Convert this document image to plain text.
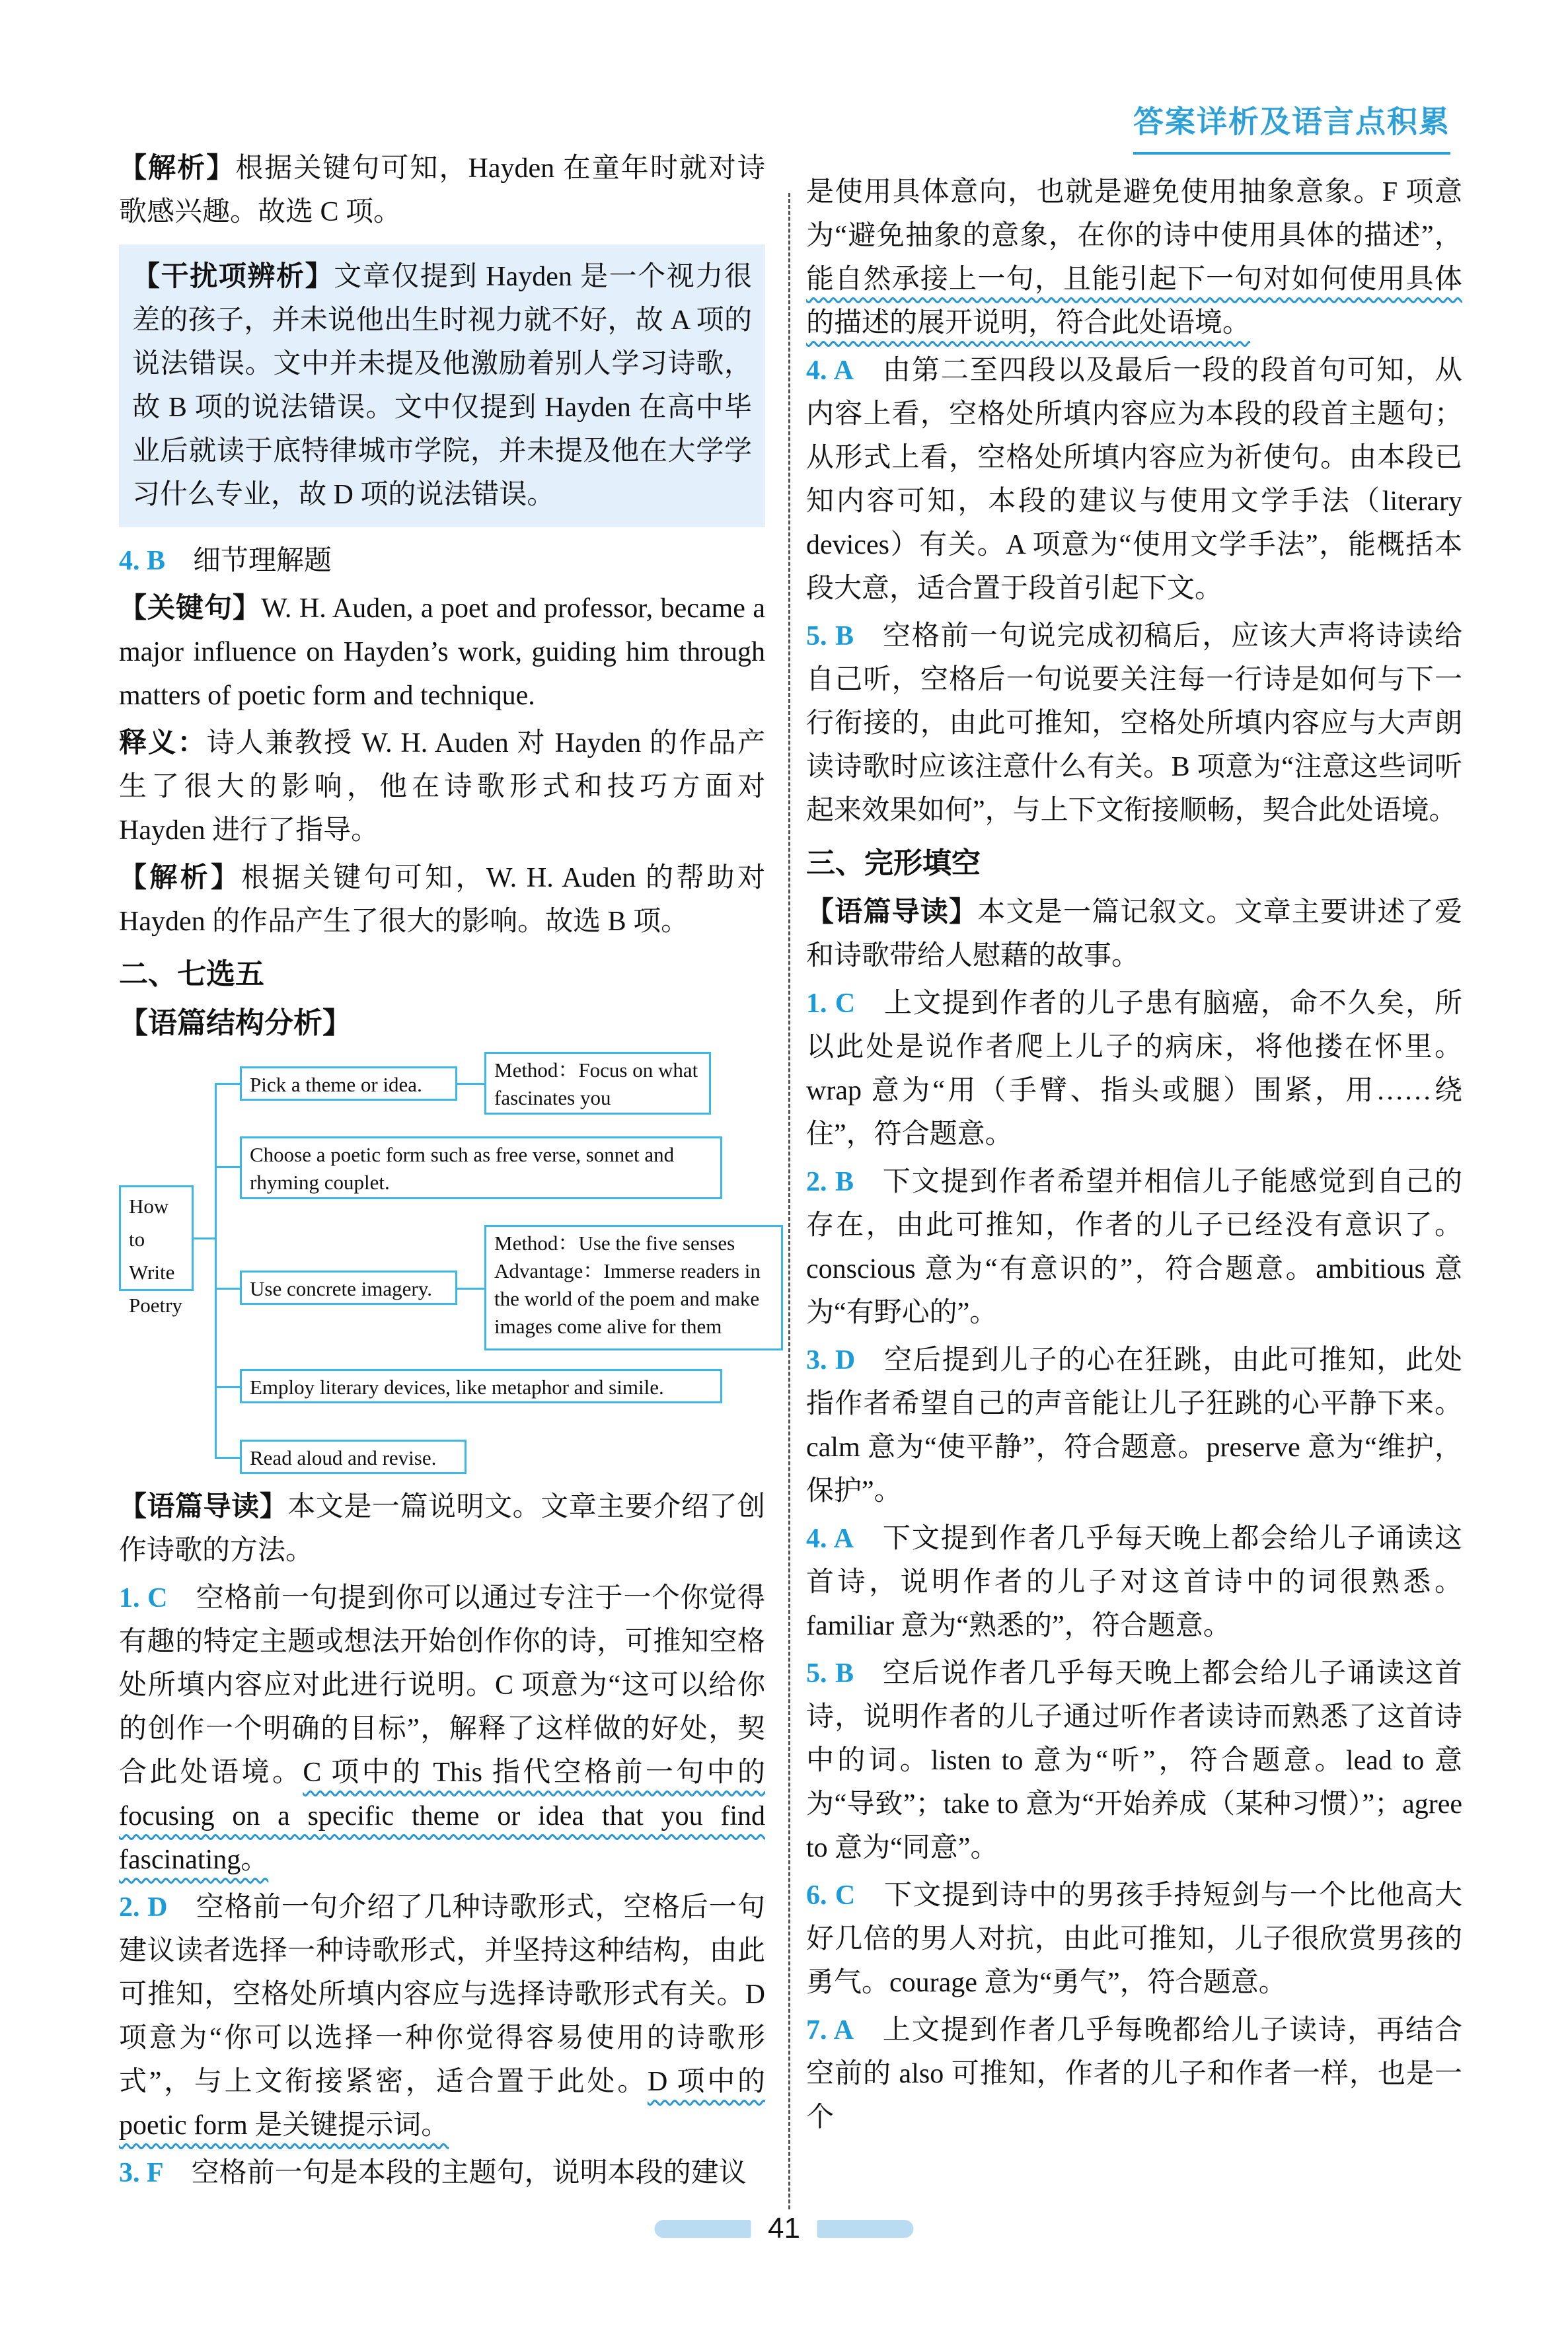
答案详析及语言点积累

【解析】根据关键句可知，Hayden 在童年时就对诗歌感兴趣。故选 C 项。

【干扰项辨析】文章仅提到 Hayden 是一个视力很差的孩子，并未说他出生时视力就不好，故 A 项的说法错误。文中并未提及他激励着别人学习诗歌，故 B 项的说法错误。文中仅提到 Hayden 在高中毕业后就读于底特律城市学院，并未提及他在大学学习什么专业，故 D 项的说法错误。

4. B 细节理解题

【关键句】W. H. Auden, a poet and professor, became a major influence on Hayden’s work, guiding him through matters of poetic form and technique.

释义：诗人兼教授 W. H. Auden 对 Hayden 的作品产生了很大的影响，他在诗歌形式和技巧方面对 Hayden 进行了指导。

【解析】根据关键句可知，W. H. Auden 的帮助对 Hayden 的作品产生了很大的影响。故选 B 项。

二、七选五
【语篇结构分析】
How to
Write
Poetry
Pick a theme or idea.
Method：Focus on what
fascinates you
Choose a poetic form such as free verse, sonnet and
rhyming couplet.
Use concrete imagery.
Method：Use the five senses
Advantage：Immerse readers in
the world of the poem and make
images come alive for them
Employ literary devices, like metaphor and simile.
Read aloud and revise.

【语篇导读】本文是一篇说明文。文章主要介绍了创作诗歌的方法。

1. C 空格前一句提到你可以通过专注于一个你觉得有趣的特定主题或想法开始创作你的诗，可推知空格处所填内容应对此进行说明。C 项意为“这可以给你的创作一个明确的目标”，解释了这样做的好处，契合此处语境。C 项中的 This 指代空格前一句中的 focusing on a specific theme or idea that you find fascinating。

2. D 空格前一句介绍了几种诗歌形式，空格后一句建议读者选择一种诗歌形式，并坚持这种结构，由此可推知，空格处所填内容应与选择诗歌形式有关。D 项意为“你可以选择一种你觉得容易使用的诗歌形式”，与上文衔接紧密，适合置于此处。D 项中的 poetic form 是关键提示词。

3. F 空格前一句是本段的主题句，说明本段的建议

是使用具体意向，也就是避免使用抽象意象。F 项意为“避免抽象的意象，在你的诗中使用具体的描述”，能自然承接上一句，且能引起下一句对如何使用具体的描述的展开说明，符合此处语境。

4. A 由第二至四段以及最后一段的段首句可知，从内容上看，空格处所填内容应为本段的段首主题句；从形式上看，空格处所填内容应为祈使句。由本段已知内容可知，本段的建议与使用文学手法（literary devices）有关。A 项意为“使用文学手法”，能概括本段大意，适合置于段首引起下文。

5. B 空格前一句说完成初稿后，应该大声将诗读给自己听，空格后一句说要关注每一行诗是如何与下一行衔接的，由此可推知，空格处所填内容应与大声朗读诗歌时应该注意什么有关。B 项意为“注意这些词听起来效果如何”，与上下文衔接顺畅，契合此处语境。

三、完形填空

【语篇导读】本文是一篇记叙文。文章主要讲述了爱和诗歌带给人慰藉的故事。

1. C 上文提到作者的儿子患有脑癌，命不久矣，所以此处是说作者爬上儿子的病床，将他搂在怀里。wrap 意为“用（手臂、指头或腿）围紧，用……绕住”，符合题意。

2. B 下文提到作者希望并相信儿子能感觉到自己的存在，由此可推知，作者的儿子已经没有意识了。conscious 意为“有意识的”，符合题意。ambitious 意为“有野心的”。

3. D 空后提到儿子的心在狂跳，由此可推知，此处指作者希望自己的声音能让儿子狂跳的心平静下来。calm 意为“使平静”，符合题意。preserve 意为“维护，保护”。

4. A 下文提到作者几乎每天晚上都会给儿子诵读这首诗，说明作者的儿子对这首诗中的词很熟悉。familiar 意为“熟悉的”，符合题意。

5. B 空后说作者几乎每天晚上都会给儿子诵读这首诗，说明作者的儿子通过听作者读诗而熟悉了这首诗中的词。listen to 意为“听”，符合题意。lead to 意为“导致”；take to 意为“开始养成（某种习惯）”；agree to 意为“同意”。

6. C 下文提到诗中的男孩手持短剑与一个比他高大好几倍的男人对抗，由此可推知，儿子很欣赏男孩的勇气。courage 意为“勇气”，符合题意。

7. A 上文提到作者几乎每晚都给儿子读诗，再结合空前的 also 可推知，作者的儿子和作者一样，也是一个

41
